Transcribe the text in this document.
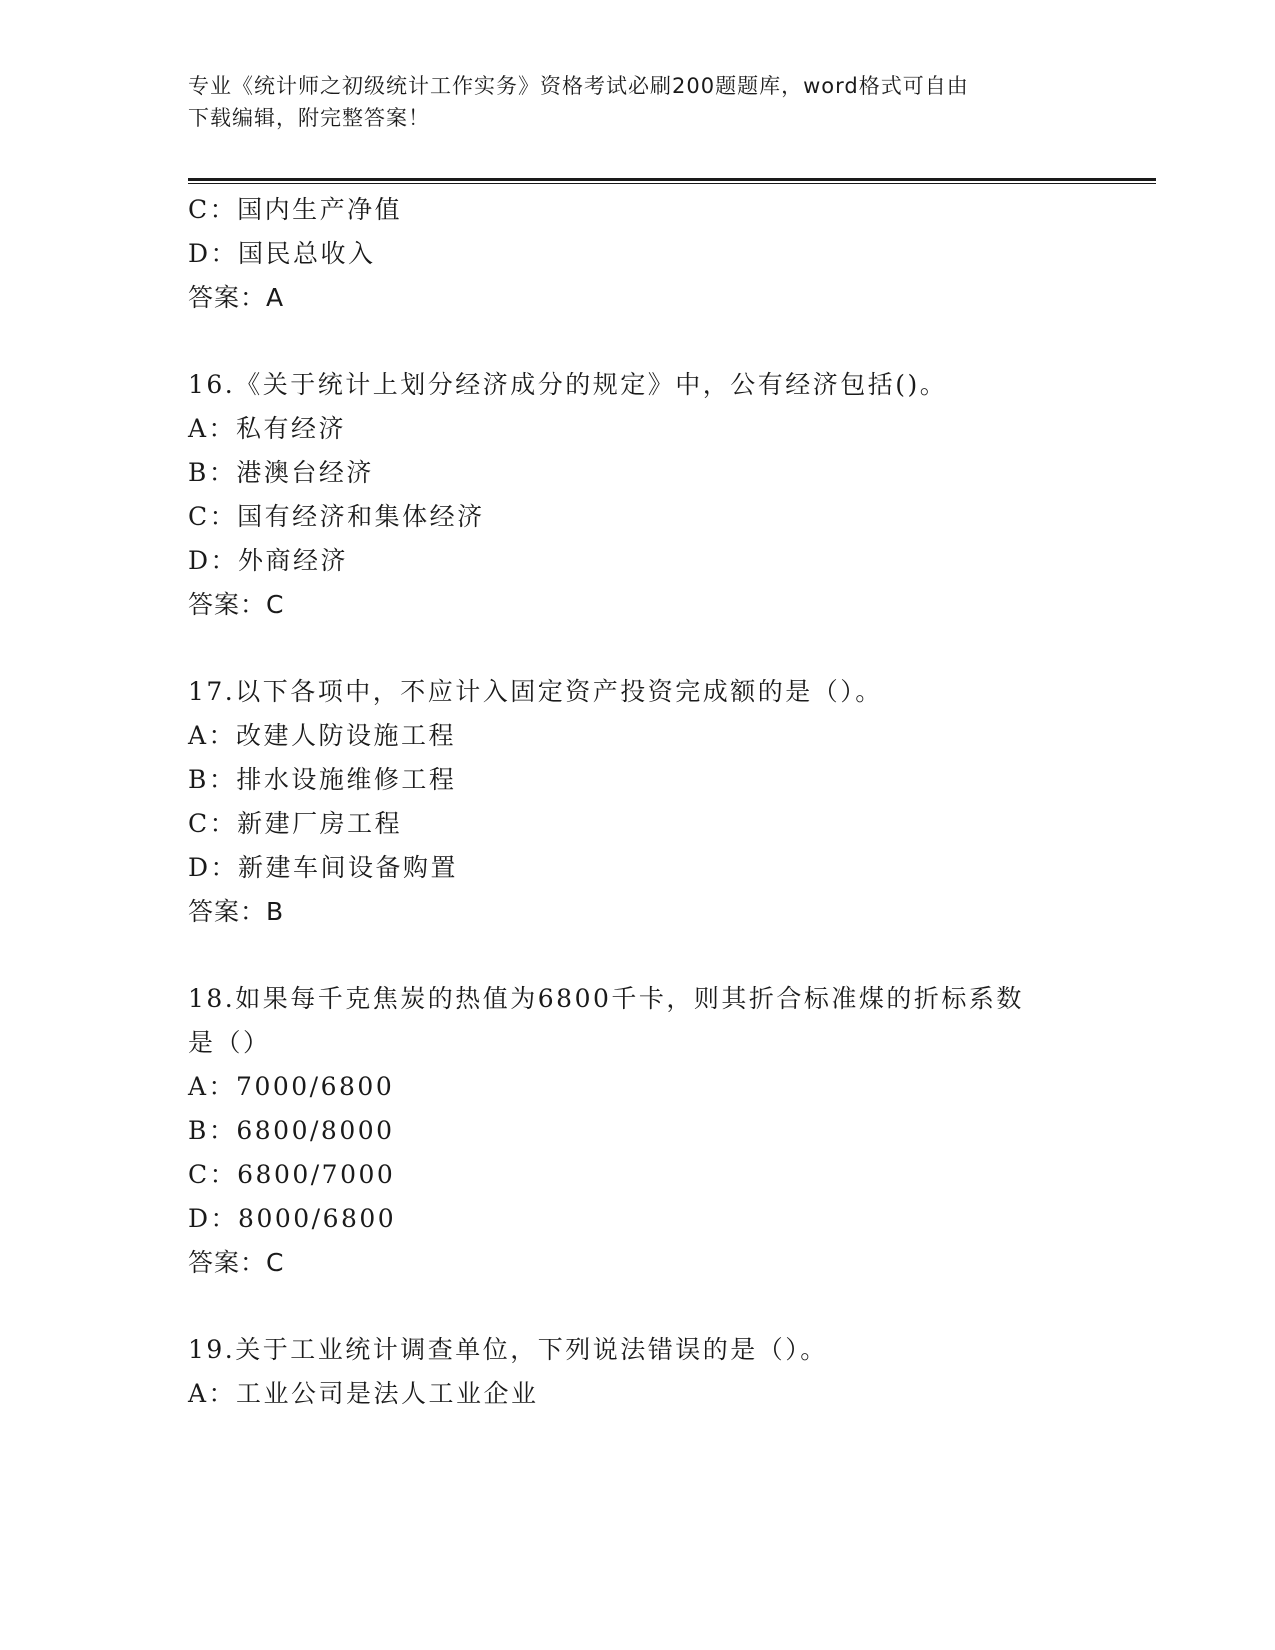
专业《统计师之初级统计工作实务》资格考试必刷200题题库，word格式可自由
下载编辑，附完整答案！
C：国内生产净值
D：国民总收入
答案：A
16.《关于统计上划分经济成分的规定》中，公有经济包括()。
A：私有经济
B：港澳台经济
C：国有经济和集体经济
D：外商经济
答案：C
17.以下各项中，不应计入固定资产投资完成额的是（）。
A：改建人防设施工程
B：排水设施维修工程
C：新建厂房工程
D：新建车间设备购置
答案：B
18.如果每千克焦炭的热值为6800千卡，则其折合标准煤的折标系数
是（）
A：7000/6800
B：6800/8000
C：6800/7000
D：8000/6800
答案：C
19.关于工业统计调查单位，下列说法错误的是（）。
A：工业公司是法人工业企业
